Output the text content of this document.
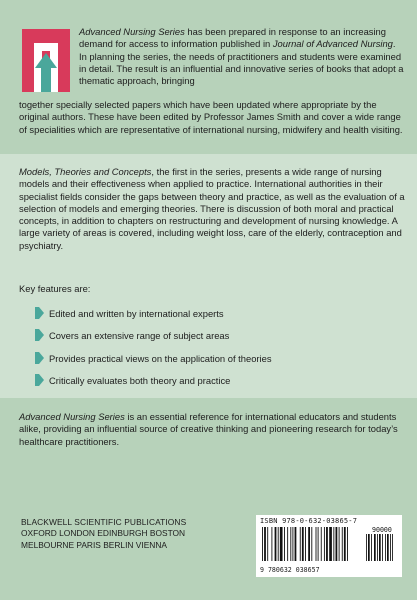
Advanced Nursing Series has been prepared in response to an increasing demand for access to information published in Journal of Advanced Nursing. In planning the series, the needs of practitioners and students were examined in detail. The result is an influential and innovative series of books that adopt a thematic approach, bringing

together specially selected papers which have been updated where appropriate by the original authors. These have been edited by Professor James Smith and cover a wide range of specialities which are representative of international nursing, midwifery and health visiting.

Models, Theories and Concepts, the first in the series, presents a wide range of nursing models and their effectiveness when applied to practice. International authorities in their specialist fields consider the gaps between theory and practice, as well as the evaluation of a selection of models and emerging theories. There is discussion of both moral and practical concepts, in addition to chapters on restructuring and development of nursing knowledge. A large variety of areas is covered, including weight loss, care of the elderly, contraception and psychiatry.

Key features are:

Edited and written by international experts
Covers an extensive range of subject areas
Provides practical views on the application of theories
Critically evaluates both theory and practice

Advanced Nursing Series is an essential reference for international educators and students alike, providing an influential source of creative thinking and pioneering research for today’s healthcare practitioners.

BLACKWELL SCIENTIFIC PUBLICATIONS
OXFORD LONDON EDINBURGH BOSTON
MELBOURNE PARIS BERLIN VIENNA
ISBN 978-0-632-03865-7
90000
9 780632 038657
